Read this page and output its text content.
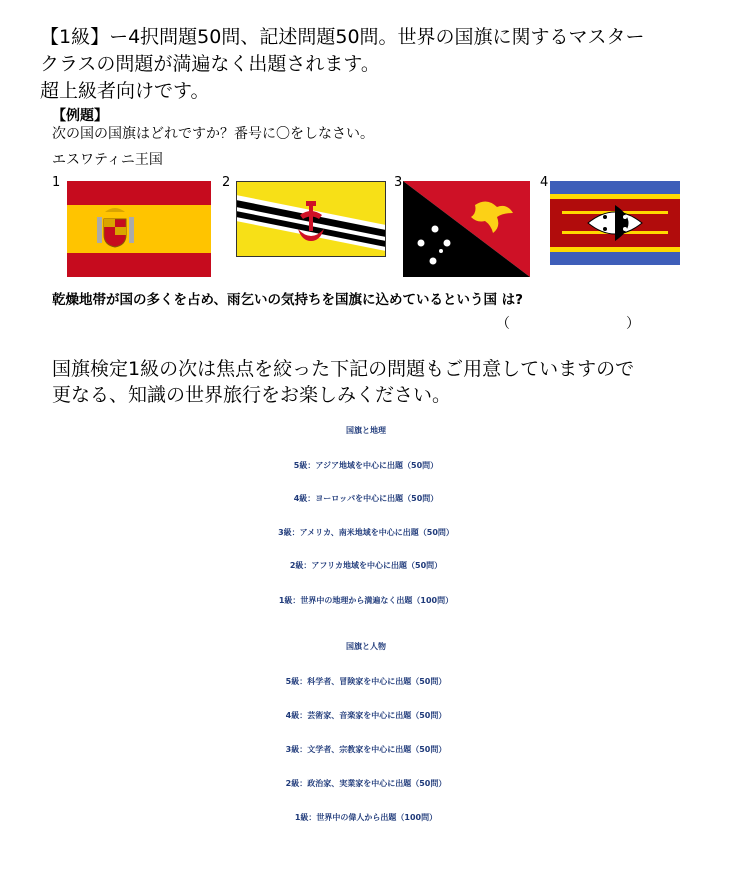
【1級】ー4択問題50問、記述問題50問。世界の国旗に関するマスター
クラスの問題が満遍なく出題されます。
超上級者向けです。
【例題】
次の国の国旗はどれですか？番号に〇をしなさい。
エスワティニ王国
1	2	3	4
乾燥地帯が国の多くを占め、雨乞いの気持ちを国旗に込めているという国 は?
（	）
国旗検定1級の次は焦点を絞った下記の問題もご用意していますので
更なる、知識の世界旅行をお楽しみください。
国旗と地理
5級：アジア地域を中心に出題（50問）
4級：ヨーロッパを中心に出題（50問）
3級：アメリカ、南米地域を中心に出題（50問）
2級：アフリカ地域を中心に出題（50問）
1級：世界中の地理から満遍なく出題（100問）
国旗と人物
5級：科学者、冒険家を中心に出題（50問）
4級：芸術家、音楽家を中心に出題（50問）
3級：文学者、宗教家を中心に出題（50問）
2級：政治家、実業家を中心に出題（50問）
1級：世界中の偉人から出題（100問）
